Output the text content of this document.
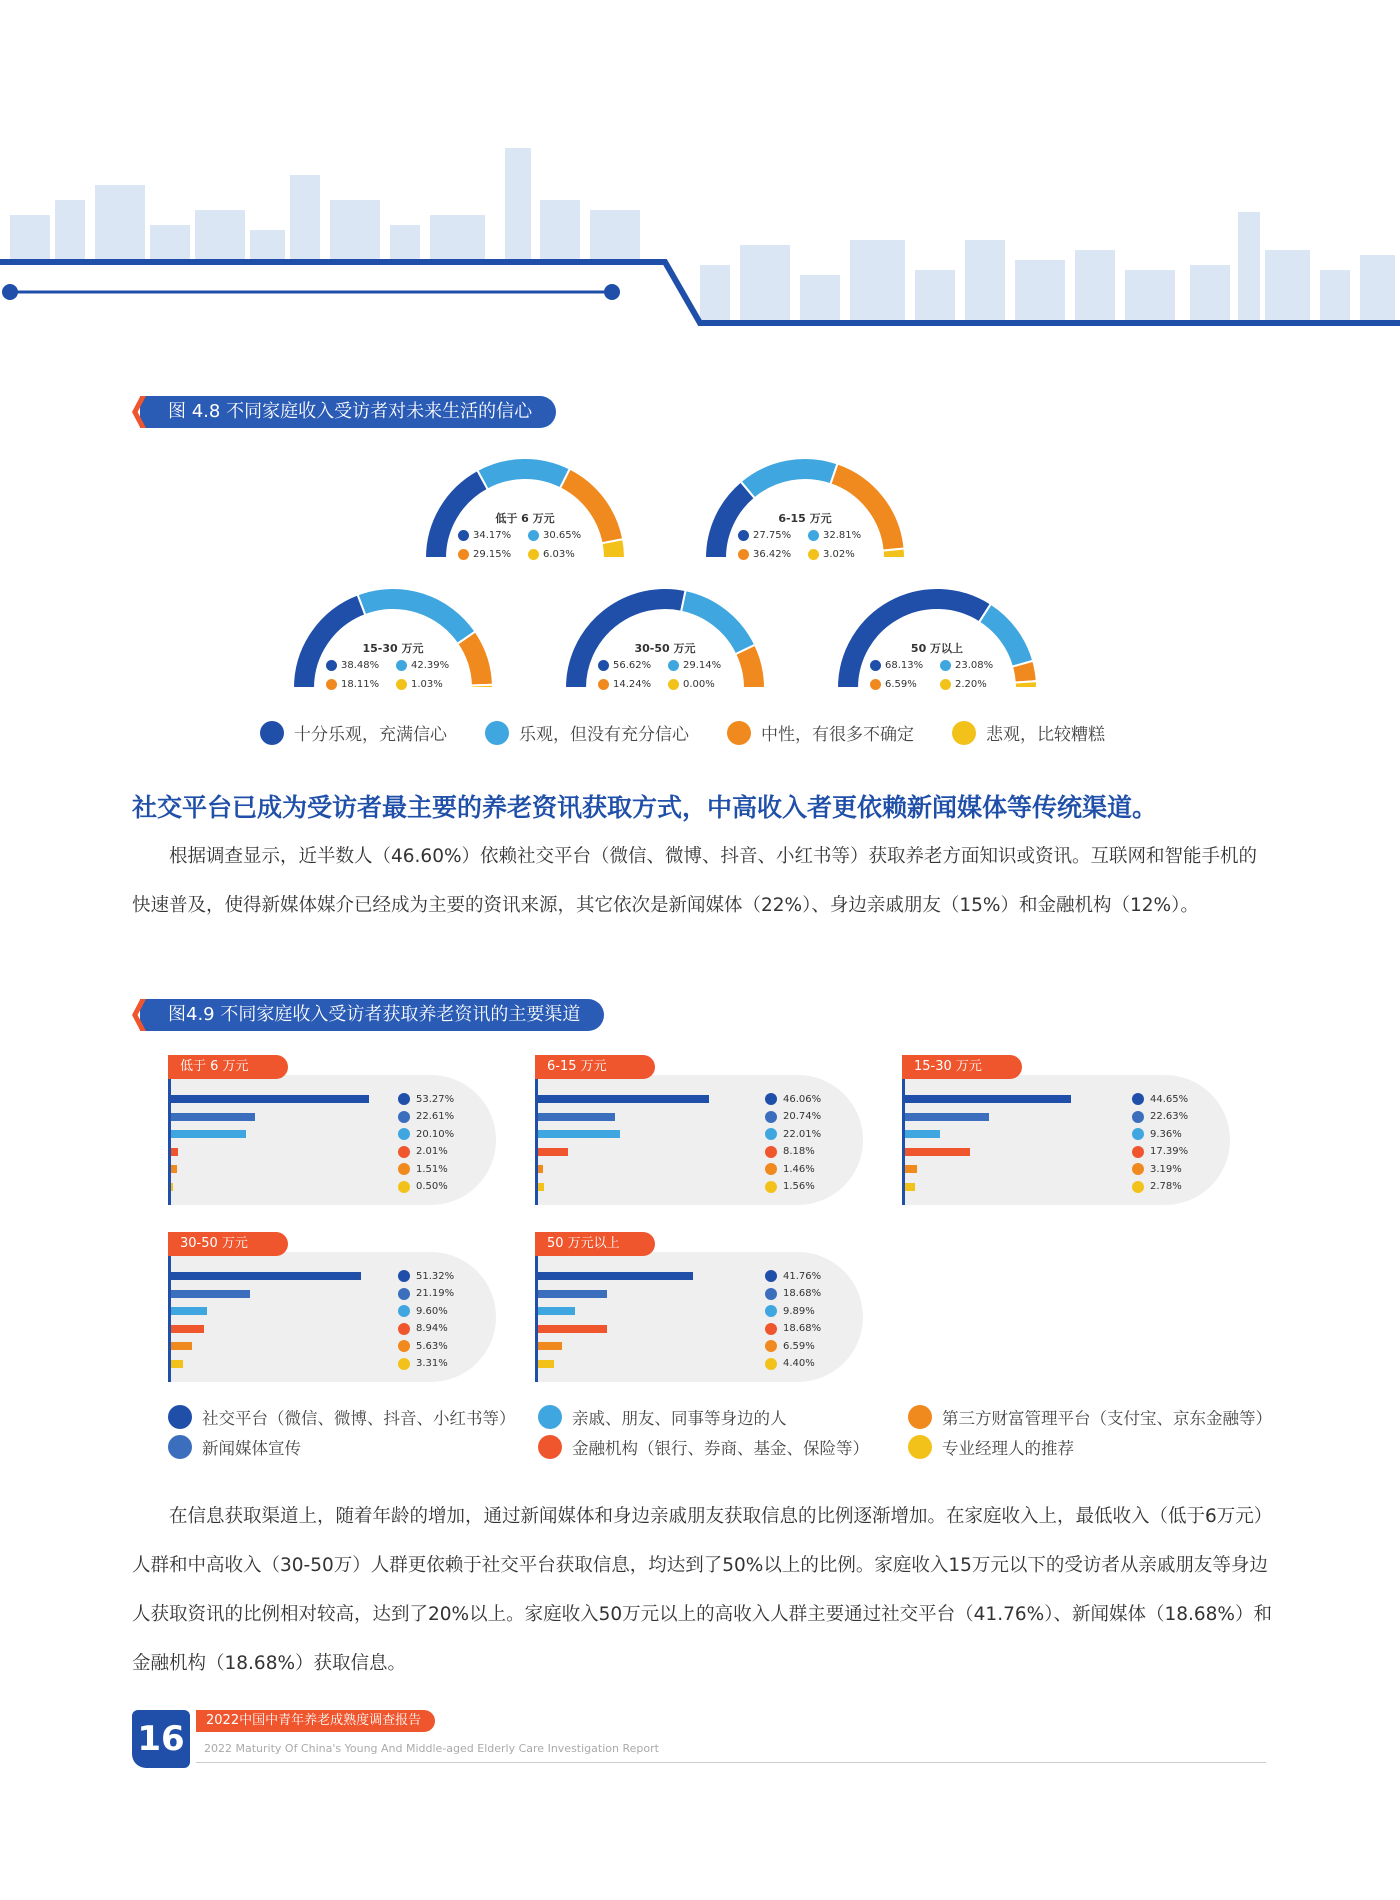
图 4.8 不同家庭收入受访者对未来生活的信心
低于 6 万元
34.17%	30.65%
29.15%	6.03%
6-15 万元
27.75%	32.81%
36.42%	3.02%
15-30 万元
38.48%	42.39%
18.11%	1.03%
30-50 万元
56.62%	29.14%
14.24%	0.00%
50 万以上
68.13%	23.08%
6.59%	2.20%
十分乐观，充满信心	乐观，但没有充分信心	中性，有很多不确定	悲观，比较糟糕
社交平台已成为受访者最主要的养老资讯获取方式，中高收入者更依赖新闻媒体等传统渠道。

根据调查显示，近半数人（46.60%）依赖社交平台（微信、微博、抖音、小红书等）获取养老方面知识或资讯。互联网和智能手机的快速普及，使得新媒体媒介已经成为主要的资讯来源，其它依次是新闻媒体（22%）、身边亲戚朋友（15%）和金融机构（12%）。

图4.9 不同家庭收入受访者获取养老资讯的主要渠道
低于 6 万元
53.27%
22.61%
20.10%
2.01%
1.51%
0.50%
6-15 万元
46.06%
20.74%
22.01%
8.18%
1.46%
1.56%
15-30 万元
44.65%
22.63%
9.36%
17.39%
3.19%
2.78%
30-50 万元
51.32%
21.19%
9.60%
8.94%
5.63%
3.31%
50 万元以上
41.76%
18.68%
9.89%
18.68%
6.59%
4.40%
社交平台（微信、微博、抖音、小红书等）	亲戚、朋友、同事等身边的人	第三方财富管理平台（支付宝、京东金融等）
新闻媒体宣传	金融机构（银行、券商、基金、保险等）	专业经理人的推荐

在信息获取渠道上，随着年龄的增加，通过新闻媒体和身边亲戚朋友获取信息的比例逐渐增加。在家庭收入上，最低收入（低于6万元）人群和中高收入（30-50万）人群更依赖于社交平台获取信息，均达到了50%以上的比例。家庭收入15万元以下的受访者从亲戚朋友等身边人获取资讯的比例相对较高，达到了20%以上。家庭收入50万元以上的高收入人群主要通过社交平台（41.76%）、新闻媒体（18.68%）和金融机构（18.68%）获取信息。

16	2022中国中青年养老成熟度调查报告
2022 Maturity Of China's Young And Middle-aged Elderly Care Investigation Report
